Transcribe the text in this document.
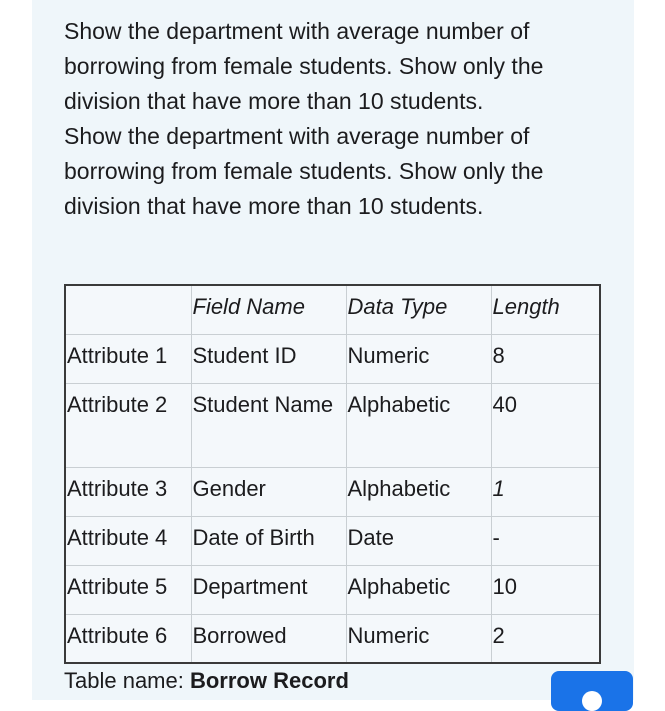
Show the department with average number of borrowing from female students. Show only the division that have more than 10 students.

Show the department with average number of borrowing from female students. Show only the division that have more than 10 students.

	Field Name	Data Type	Length
Attribute 1	Student ID	Numeric	8
Attribute 2	Student Name	Alphabetic	40
Attribute 3	Gender	Alphabetic	1
Attribute 4	Date of Birth	Date	-
Attribute 5	Department	Alphabetic	10
Attribute 6	Borrowed	Numeric	2
Table name: Borrow Record
